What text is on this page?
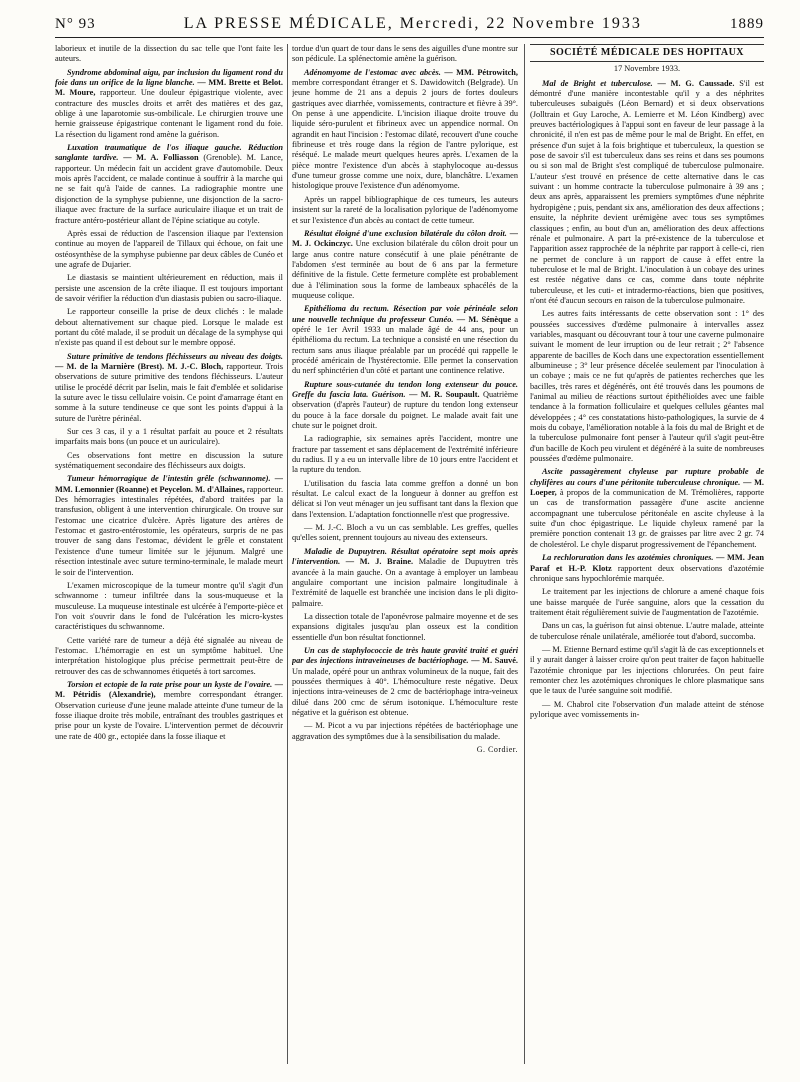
N° 93	LA PRESSE MÉDICALE, Mercredi, 22 Novembre 1933	1889

laborieux et inutile de la dissection du sac telle que l'ont faite les auteurs.

Syndrome abdominal aigu, par inclusion du ligament rond du foie dans un orifice de la ligne blanche. — MM. Brette et Belot. M. Moure, rapporteur. Une douleur épigastrique violente, avec contracture des muscles droits et arrêt des matières et des gaz, oblige à une laparotomie sus-ombilicale. Le chirurgien trouve une hernie graisseuse épigastrique contenant le ligament rond du foie. La résection du ligament rond amène la guérison.

Luxation traumatique de l'os iliaque gauche. Réduction sanglante tardive. — M. A. Folliasson (Grenoble). M. Lance, rapporteur. Un médecin fait un accident grave d'automobile. Deux mois après l'accident, ce malade continue à souffrir à la marche qui ne se fait qu'à l'aide de cannes. La radiographie montre une disjonction de la symphyse pubienne, une disjonction de la sacro-iliaque avec fracture de la surface auriculaire iliaque et un trait de fracture antéro-postérieur allant de l'épine sciatique au cotyle.

Après essai de réduction de l'ascension iliaque par l'extension continue au moyen de l'appareil de Tillaux qui échoue, on fait une ostéosynthèse de la symphyse pubienne par deux câbles de Cunéo et une agrafe de Dujarier.

Le diastasis se maintient ultérieurement en réduction, mais il persiste une ascension de la crête iliaque. Il est toujours important de savoir vérifier la réduction d'un diastasis pubien ou sacro-iliaque.

Le rapporteur conseille la prise de deux clichés : le malade debout alternativement sur chaque pied. Lorsque le malade est portant du côté malade, il se produit un décalage de la symphyse qui n'existe pas quand il est debout sur le membre opposé.

Suture primitive de tendons fléchisseurs au niveau des doigts. — M. de la Marnière (Brest). M. J.-C. Bloch, rapporteur. Trois observations de suture primitive des tendons fléchisseurs. L'auteur utilise le procédé décrit par Iselin, mais le fait d'emblée et solidarise la suture avec le tissu cellulaire voisin. Ce point d'amarrage étant en somme à la suture tendineuse ce que sont les points d'appui à la suture de l'urètre périnéal.

Sur ces 3 cas, il y a 1 résultat parfait au pouce et 2 résultats imparfaits mais bons (un pouce et un auriculaire).

Ces observations font mettre en discussion la suture systématiquement secondaire des fléchisseurs aux doigts.

Tumeur hémorragique de l'intestin grêle (schwannome). — MM. Lemonnier (Roanne) et Peycelon. M. d'Allaines, rapporteur. Des hémorragies intestinales répétées, d'abord traitées par la transfusion, obligent à une intervention chirurgicale. On trouve sur l'estomac une cicatrice d'ulcère. Après ligature des artères de l'estomac et gastro-entérostomie, les opérateurs, surpris de ne pas trouver de sang dans l'estomac, dévident le grêle et constatent l'existence d'une tumeur limitée sur le jéjunum. Malgré une résection intestinale avec suture termino-terminale, le malade meurt le soir de l'intervention.

L'examen microscopique de la tumeur montre qu'il s'agit d'un schwannome : tumeur infiltrée dans la sous-muqueuse et la musculeuse. La muqueuse intestinale est ulcérée à l'emporte-pièce et l'on voit s'ouvrir dans le fond de l'ulcération les micro-kystes caractéristiques du schwannome.

Cette variété rare de tumeur a déjà été signalée au niveau de l'estomac. L'hémorragie en est un symptôme habituel. Une interprétation histologique plus précise permettrait peut-être de retrouver des cas de schwannomes étiquetés à tort sarcomes.

Torsion et ectopie de la rate prise pour un kyste de l'ovaire. — M. Pétridis (Alexandrie), membre correspondant étranger. Observation curieuse d'une jeune malade atteinte d'une tumeur de la fosse iliaque droite très mobile, entraînant des troubles gastriques et prise pour un kyste de l'ovaire. L'intervention permet de découvrir une rate de 400 gr., ectopiée dans la fosse iliaque et

tordue d'un quart de tour dans le sens des aiguilles d'une montre sur son pédicule. La splénectomie amène la guérison.

Adénomyome de l'estomac avec abcès. — MM. Pétrowitch, membre correspondant étranger et S. Dawidowitch (Belgrade). Un jeune homme de 21 ans a depuis 2 jours de fortes douleurs gastriques avec diarrhée, vomissements, contracture et fièvre à 39°. On pense à une appendicite. L'incision iliaque droite trouve du liquide séro-purulent et fibrineux avec un appendice normal. On agrandit en haut l'incision : l'estomac dilaté, recouvert d'une couche fibrineuse et très rouge dans la région de l'antre pylorique, est réséqué. Le malade meurt quelques heures après. L'examen de la pièce montre l'existence d'un abcès à staphylocoque au-dessus d'une tumeur grosse comme une noix, dure, blanchâtre. L'examen histologique prouve l'existence d'un adénomyome.

Après un rappel bibliographique de ces tumeurs, les auteurs insistent sur la rareté de la localisation pylorique de l'adénomyome et sur l'existence d'un abcès au contact de cette tumeur.

Résultat éloigné d'une exclusion bilatérale du côlon droit. — M. J. Ockinczyc. Une exclusion bilatérale du côlon droit pour un large anus contre nature consécutif à une plaie pénétrante de l'abdomen s'est terminée au bout de 6 ans par la fermeture définitive de la fistule. Cette fermeture complète est probablement due à l'élimination sous la forme de lambeaux sphacélés de la muqueuse colique.

Epithélioma du rectum. Résection par voie périnéale selon une nouvelle technique du professeur Cunéo. — M. Sénèque a opéré le 1er Avril 1933 un malade âgé de 44 ans, pour un épithélioma du rectum. La technique a consisté en une résection du rectum sans anus iliaque préalable par un procédé qui rappelle le procédé américain de l'hystérectomie. Elle permet la conservation du nerf sphinctérien d'un côté et partant une continence relative.

Rupture sous-cutanée du tendon long extenseur du pouce. Greffe du fascia lata. Guérison. — M. R. Soupault. Quatrième observation (d'après l'auteur) de rupture du tendon long extenseur du pouce à la face dorsale du poignet. Le malade avait fait une chute sur le poignet droit.

La radiographie, six semaines après l'accident, montre une fracture par tassement et sans déplacement de l'extrémité inférieure du radius. Il y a eu un intervalle libre de 10 jours entre l'accident et la rupture du tendon.

L'utilisation du fascia lata comme greffon a donné un bon résultat. Le calcul exact de la longueur à donner au greffon est délicat si l'on veut ménager un jeu suffisant tant dans la flexion que dans l'extension. L'adaptation fonctionnelle n'est que progressive.

— M. J.-C. Bloch a vu un cas semblable. Les greffes, quelles qu'elles soient, prennent toujours au niveau des extenseurs.

Maladie de Dupuytren. Résultat opératoire sept mois après l'intervention. — M. J. Braine. Maladie de Dupuytren très avancée à la main gauche. On a avantage à employer un lambeau angulaire comportant une incision palmaire longitudinale à l'extrémité de laquelle est branchée une incision dans le pli digito-palmaire.

La dissection totale de l'aponévrose palmaire moyenne et de ses expansions digitales jusqu'au plan osseux est la condition essentielle d'un bon résultat fonctionnel.

Un cas de staphylococcie de très haute gravité traité et guéri par des injections intraveineuses de bactériophage. — M. Sauvé. Un malade, opéré pour un anthrax volumineux de la nuque, fait des poussées thermiques à 40°. L'hémoculture reste négative. Deux injections intra-veineuses de 2 cmc de bactériophage intra-veineux dilué dans 200 cmc de sérum isotonique. L'hémoculture reste négative et la guérison est obtenue.

— M. Picot a vu par injections répétées de bactériophage une aggravation des symptômes due à la sensibilisation du malade.

G. Cordier.
SOCIÉTÉ MÉDICALE DES HOPITAUX
17 Novembre 1933.

Mal de Bright et tuberculose. — M. G. Caussade. S'il est démontré d'une manière incontestable qu'il y a des néphrites tuberculeuses subaiguës (Léon Bernard) et si deux observations (Jolltrain et Guy Laroche, A. Lemierre et M. Léon Kindberg) avec preuves bactériologiques à l'appui sont en faveur de leur passage à la chronicité, il n'en est pas de même pour le mal de Bright. En effet, en présence d'un sujet à la fois brightique et tuberculeux, la question se pose de savoir s'il est tuberculeux dans ses reins et dans ses poumons ou si son mal de Bright s'est compliqué de tuberculose pulmonaire. L'auteur s'est trouvé en présence de cette alternative dans le cas suivant : un homme contracte la tuberculose pulmonaire à 39 ans ; deux ans après, apparaissent les premiers symptômes d'une néphrite hydropigène ; puis, pendant six ans, amélioration des deux affections ; ensuite, la néphrite devient urémigène avec tous ses symptômes classiques ; enfin, au bout d'un an, amélioration des deux affections rénale et pulmonaire. A part la pré-existence de la tuberculose et l'apparition assez rapprochée de la néphrite par rapport à celle-ci, rien ne permet de conclure à un rapport de cause à effet entre la tuberculose et le mal de Bright. L'inoculation à un cobaye des urines est restée négative dans ce cas, comme dans toute néphrite tuberculeuse, et les cuti- et intradermo-réactions, bien que positives, n'ont été d'aucun secours en raison de la tuberculose pulmonaire.

Les autres faits intéressants de cette observation sont : 1° des poussées successives d'œdème pulmonaire à intervalles assez variables, masquant ou découvrant tour à tour une caverne pulmonaire suivant le moment de leur irruption ou de leur retrait ; 2° l'absence apparente de bacilles de Koch dans une expectoration essentiellement albumineuse ; 3° leur présence décelée seulement par l'inoculation à un cobaye ; mais ce ne fut qu'après de patientes recherches que les bacilles, très rares et dégénérés, ont été trouvés dans les poumons de l'animal au milieu de réactions surtout épithélioïdes avec une faible tendance à la formation folliculaire et quelques cellules géantes mal développées ; 4° ces constatations histo-pathologiques, la survie de 4 mois du cobaye, l'amélioration notable à la fois du mal de Bright et de la tuberculose pulmonaire font penser à l'auteur qu'il s'agit peut-être d'un bacille de Koch peu virulent et dégénéré à la suite de nombreuses poussées d'œdème pulmonaire.

Ascite passagèrement chyleuse par rupture probable de chylifères au cours d'une péritonite tuberculeuse chronique. — M. Loeper, à propos de la communication de M. Trémolières, rapporte un cas de transformation passagère d'une ascite ancienne accompagnant une tuberculose péritonéale en ascite chyleuse à la suite d'un choc épigastrique. Le liquide chyleux ramené par la première ponction contenait 13 gr. de graisses par litre avec 2 gr. 74 de cholestérol. Le chyle disparut progressivement de l'épanchement.

La rechloruration dans les azotémies chroniques. — MM. Jean Paraf et H.-P. Klotz rapportent deux observations d'azotémie chronique sans hypochlorémie marquée.

Le traitement par les injections de chlorure a amené chaque fois une baisse marquée de l'urée sanguine, alors que la cessation du traitement était régulièrement suivie de l'augmentation de l'azotémie.

Dans un cas, la guérison fut ainsi obtenue. L'autre malade, atteinte de tuberculose rénale unilatérale, améliorée tout d'abord, succomba.

— M. Etienne Bernard estime qu'il s'agit là de cas exceptionnels et il y aurait danger à laisser croire qu'on peut traiter de façon habituelle l'azotémie chronique par les injections chlorurées. On peut faire remonter chez les azotémiques chroniques le chlore plasmatique sans que le taux de l'urée sanguine soit modifié.

— M. Chabrol cite l'observation d'un malade atteint de sténose pylorique avec vomissements in-
